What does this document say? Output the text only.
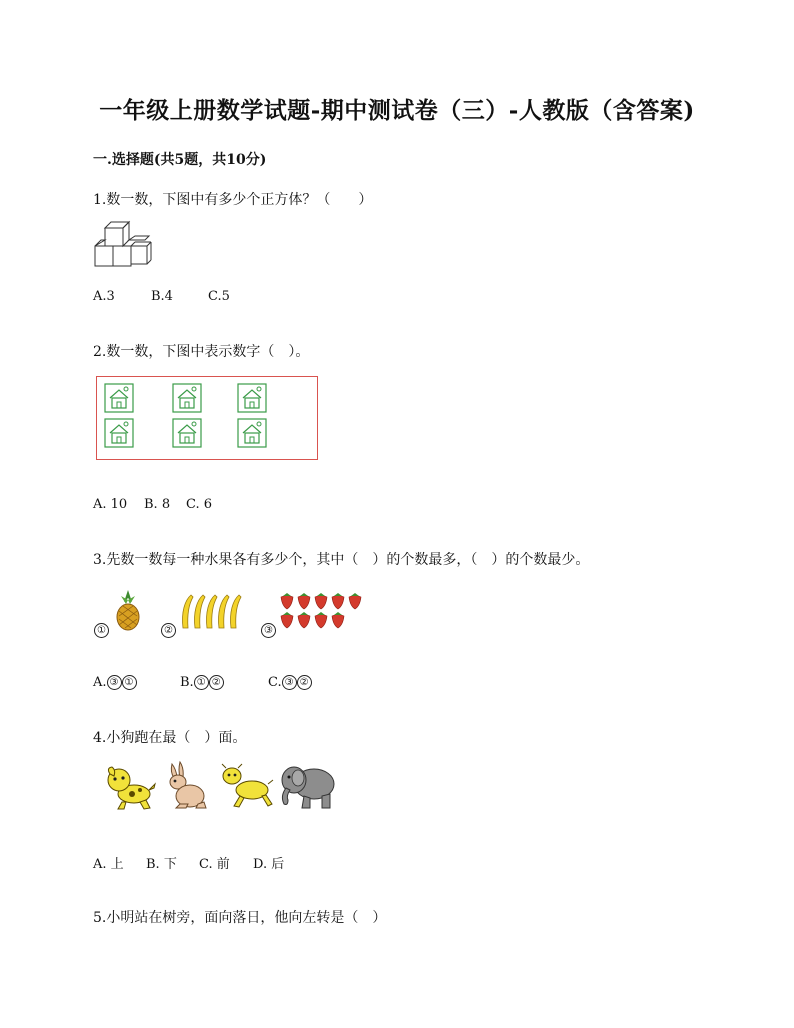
一年级上册数学试题-期中测试卷（三）-人教版（含答案)
一.选择题(共5题，共10分)
1.数一数，下图中有多少个正方体？（　　）
A.3	B.4	C.5
2.数一数，下图中表示数字（　）。
A. 10 B. 8 C. 6
3.先数一数每一种水果各有多少个，其中（　）的个数最多，（　）的个数最少。
①	②	③
A. ③ ①	B. ① ②	C. ③ ②
4.小狗跑在最（　）面。
A. 上 B. 下 C. 前 D. 后
5.小明站在树旁，面向落日，他向左转是（　）
